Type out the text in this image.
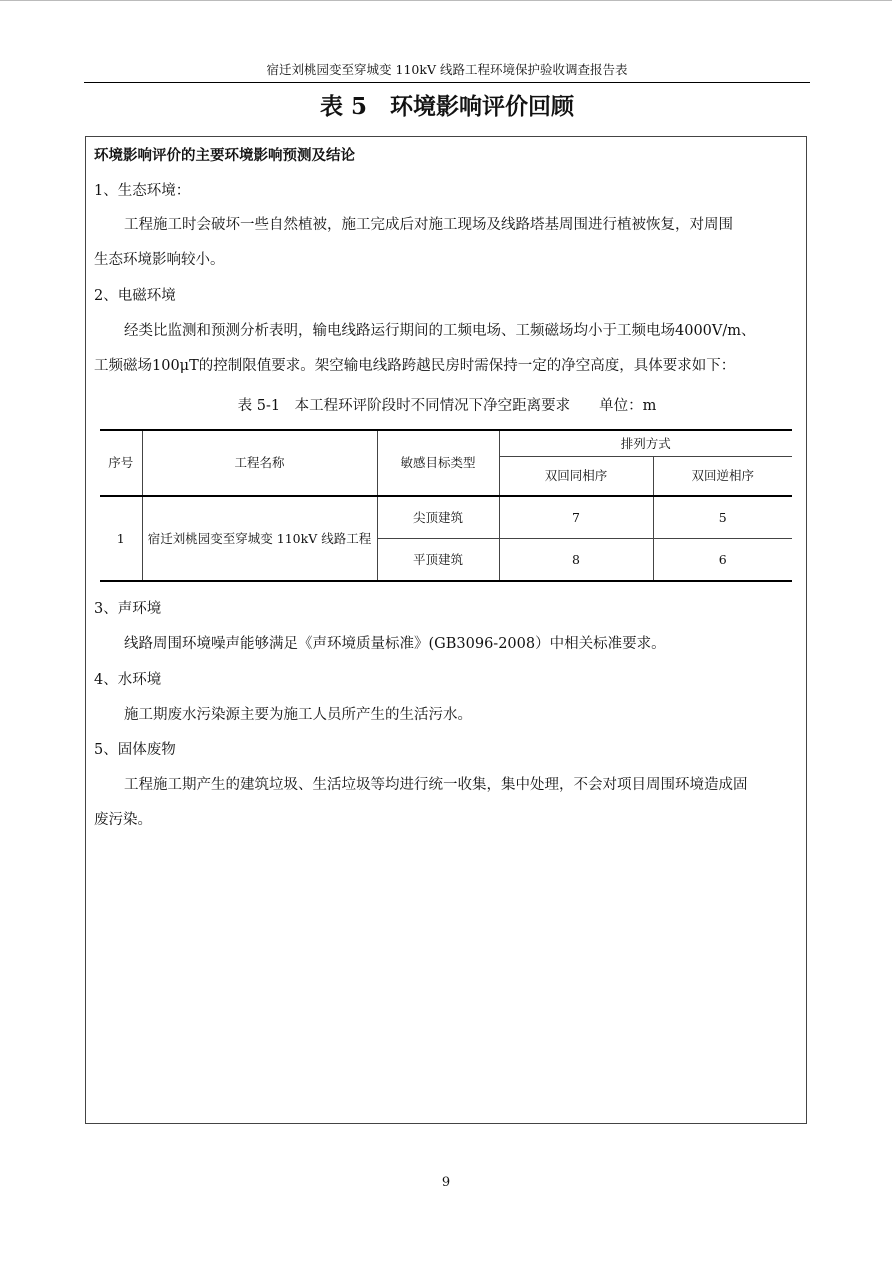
宿迁刘桃园变至穿城变 110kV 线路工程环境保护验收调查报告表
表 5　环境影响评价回顾
环境影响评价的主要环境影响预测及结论
1、生态环境：
工程施工时会破坏一些自然植被，施工完成后对施工现场及线路塔基周围进行植被恢复，对周围
生态环境影响较小。
2、电磁环境
经类比监测和预测分析表明，输电线路运行期间的工频电场、工频磁场均小于工频电场4000V/m、
工频磁场100μT的控制限值要求。架空输电线路跨越民房时需保持一定的净空高度，具体要求如下：
表 5-1　本工程环评阶段时不同情况下净空距离要求　　单位：m
序号	工程名称	敏感目标类型	排列方式	
			双回同相序	双回逆相序
1	宿迁刘桃园变至穿城变 110kV 线路工程	尖顶建筑	7	5
		平顶建筑	8	6
3、声环境
线路周围环境噪声能够满足《声环境质量标准》(GB3096-2008）中相关标准要求。
4、水环境
施工期废水污染源主要为施工人员所产生的生活污水。
5、固体废物
工程施工期产生的建筑垃圾、生活垃圾等均进行统一收集，集中处理，不会对项目周围环境造成固
废污染。
9
